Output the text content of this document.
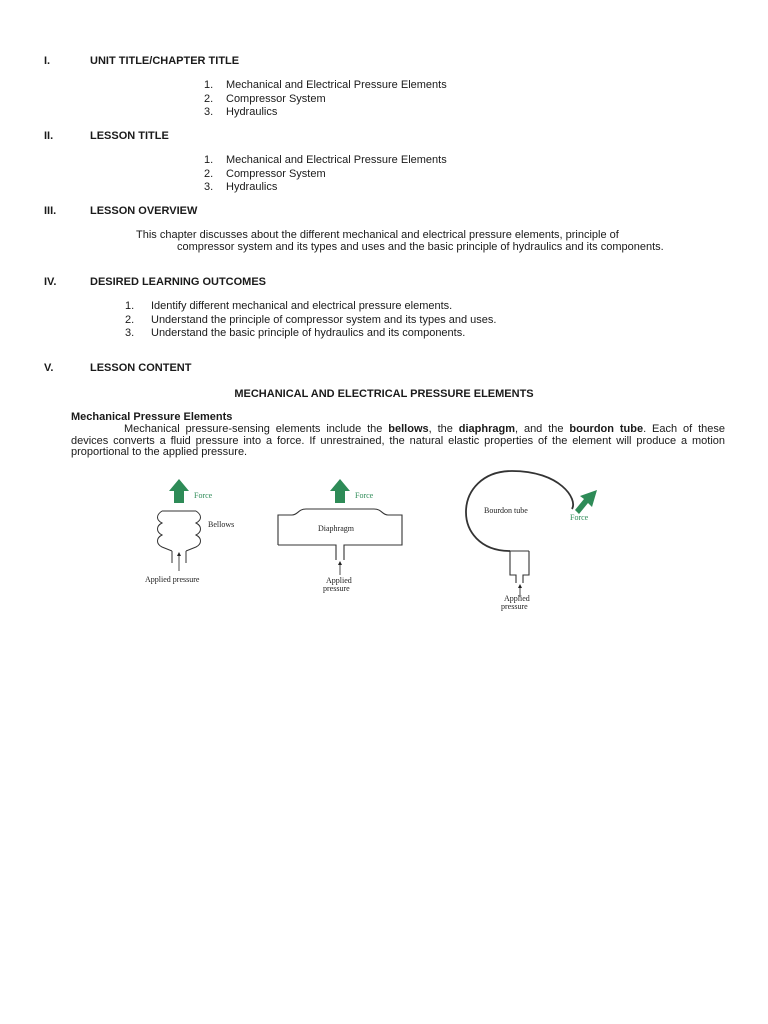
I.	UNIT TITLE/CHAPTER TITLE
1. Mechanical and Electrical Pressure Elements
2. Compressor System
3. Hydraulics
II.	LESSON TITLE
1. Mechanical and Electrical Pressure Elements
2. Compressor System
3. Hydraulics
III.	LESSON OVERVIEW
This chapter discusses about the different mechanical and electrical pressure elements, principle of
compressor system and its types and uses and the basic principle of hydraulics and its components.
IV.	DESIRED LEARNING OUTCOMES
1. Identify different mechanical and electrical pressure elements.
2. Understand the principle of compressor system and its types and uses.
3. Understand the basic principle of hydraulics and its components.
V.	LESSON CONTENT
MECHANICAL AND ELECTRICAL PRESSURE ELEMENTS
Mechanical Pressure Elements
Mechanical pressure-sensing elements include the bellows, the diaphragm, and the bourdon tube. Each of these devices converts a fluid pressure into a force. If unrestrained, the natural elastic properties of the element will produce a motion proportional to the applied pressure.
Force
Bellows
Applied pressure
Force
Diaphragm
Applied
pressure
Force
Bourdon tube
Applied
pressure
